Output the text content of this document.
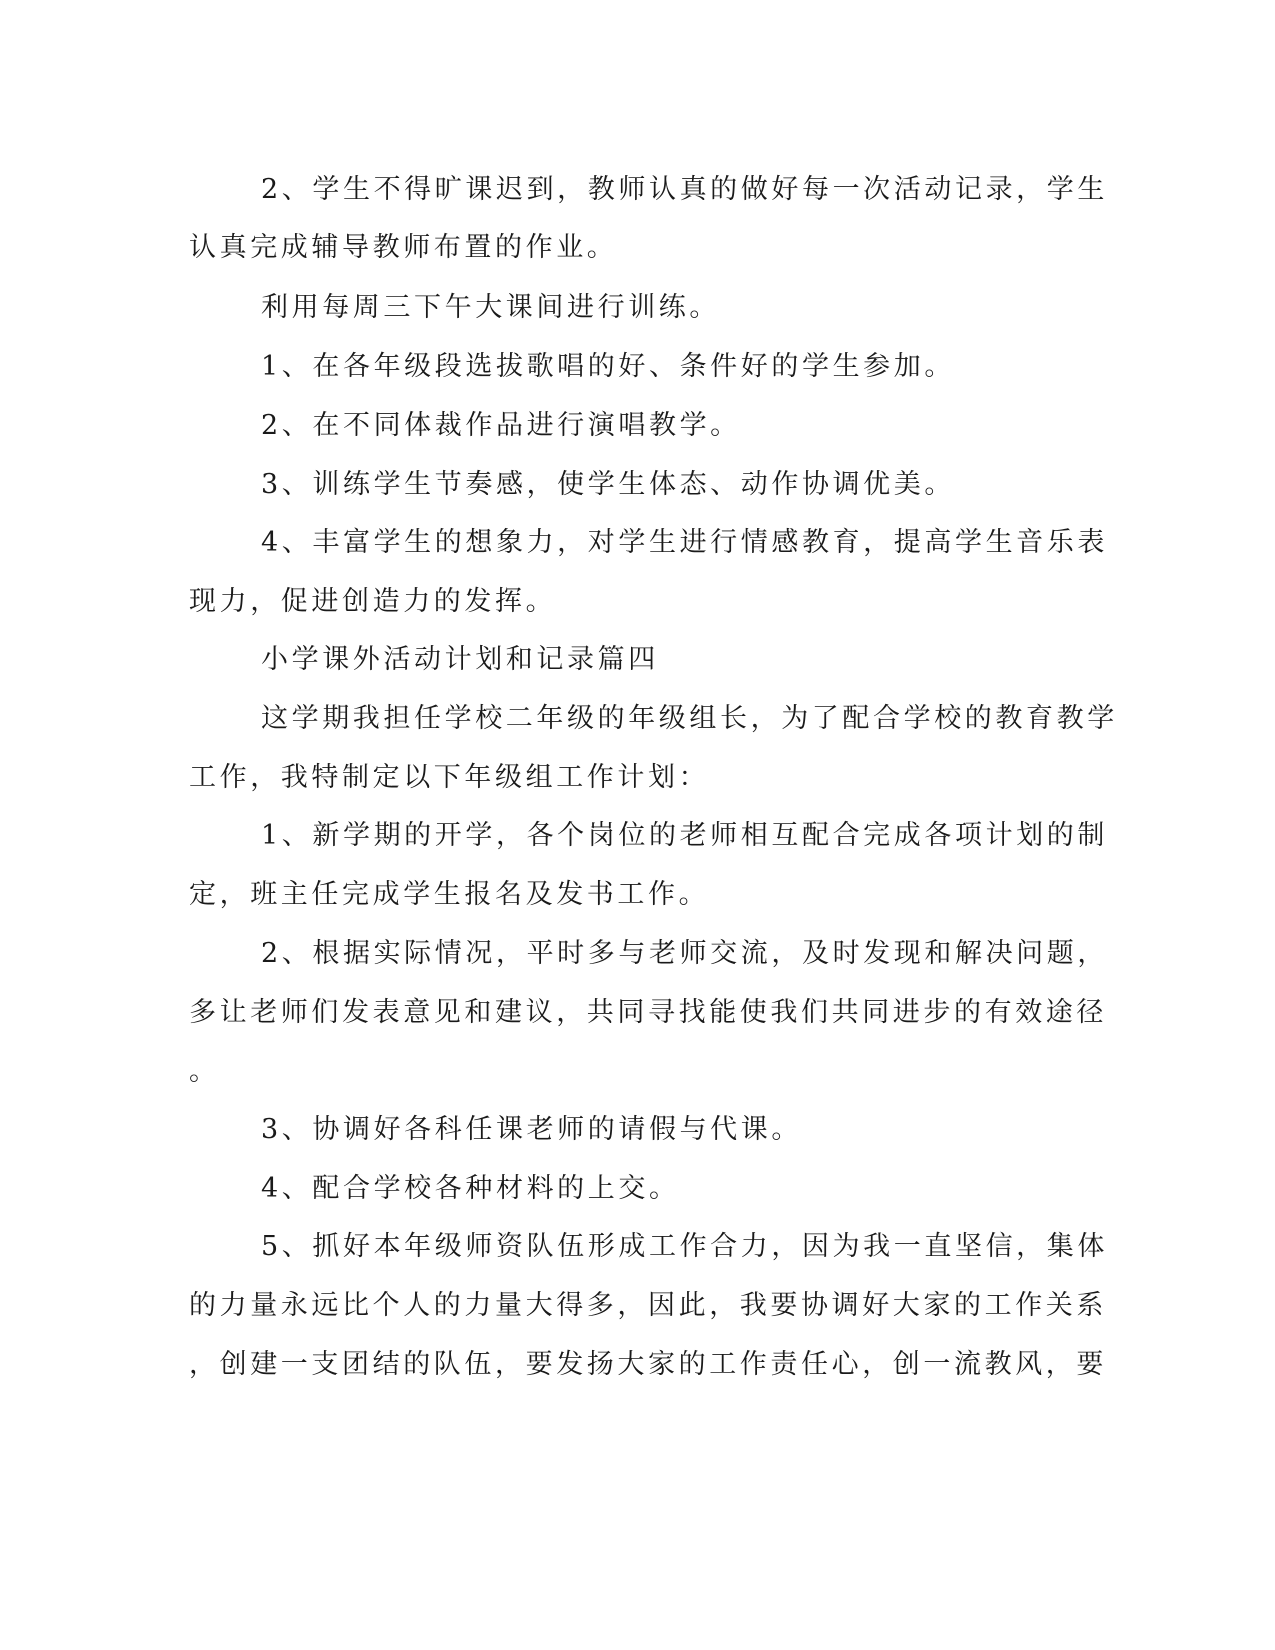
2、学生不得旷课迟到，教师认真的做好每一次活动记录，学生
认真完成辅导教师布置的作业。
利用每周三下午大课间进行训练。
1、在各年级段选拔歌唱的好、条件好的学生参加。
2、在不同体裁作品进行演唱教学。
3、训练学生节奏感，使学生体态、动作协调优美。
4、丰富学生的想象力，对学生进行情感教育，提高学生音乐表
现力，促进创造力的发挥。
小学课外活动计划和记录篇四
这学期我担任学校二年级的年级组长，为了配合学校的教育教学
工作，我特制定以下年级组工作计划：
1、新学期的开学，各个岗位的老师相互配合完成各项计划的制
定，班主任完成学生报名及发书工作。
2、根据实际情况，平时多与老师交流，及时发现和解决问题，
多让老师们发表意见和建议，共同寻找能使我们共同进步的有效途径
。
3、协调好各科任课老师的请假与代课。
4、配合学校各种材料的上交。
5、抓好本年级师资队伍形成工作合力，因为我一直坚信，集体
的力量永远比个人的力量大得多，因此，我要协调好大家的工作关系
，创建一支团结的队伍，要发扬大家的工作责任心，创一流教风，要
